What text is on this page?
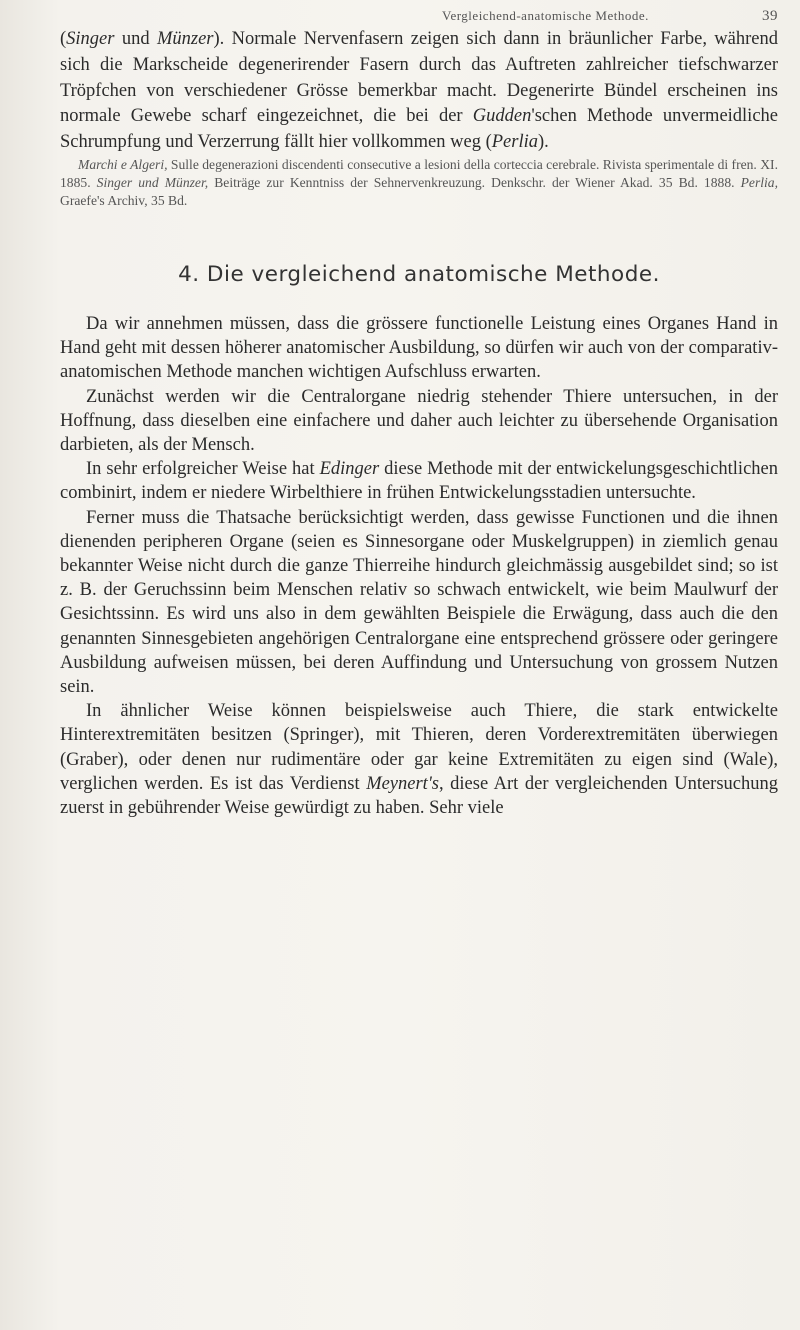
Vergleichend-anatomische Methode.	39
(Singer und Münzer). Normale Nervenfasern zeigen sich dann in bräunlicher Farbe, während sich die Markscheide degenerirender Fasern durch das Auftreten zahlreicher tiefschwarzer Tröpfchen von verschiedener Grösse bemerkbar macht. Degenerirte Bündel erscheinen ins normale Gewebe scharf eingezeichnet, die bei der Gudden'schen Methode unvermeidliche Schrumpfung und Verzerrung fällt hier vollkommen weg (Perlia).
Marchi e Algeri, Sulle degenerazioni discendenti consecutive a lesioni della corteccia cerebrale. Rivista sperimentale di fren. XI. 1885. Singer und Münzer, Beiträge zur Kenntniss der Sehnervenkreuzung. Denkschr. der Wiener Akad. 35 Bd. 1888. Perlia, Graefe's Archiv, 35 Bd.
4. Die vergleichend anatomische Methode.

Da wir annehmen müssen, dass die grössere functionelle Leistung eines Organes Hand in Hand geht mit dessen höherer anatomischer Ausbildung, so dürfen wir auch von der comparativ-anatomischen Methode manchen wichtigen Aufschluss erwarten.

Zunächst werden wir die Centralorgane niedrig stehender Thiere untersuchen, in der Hoffnung, dass dieselben eine einfachere und daher auch leichter zu übersehende Organisation darbieten, als der Mensch.

In sehr erfolgreicher Weise hat Edinger diese Methode mit der entwickelungsgeschichtlichen combinirt, indem er niedere Wirbelthiere in frühen Entwickelungsstadien untersuchte.

Ferner muss die Thatsache berücksichtigt werden, dass gewisse Functionen und die ihnen dienenden peripheren Organe (seien es Sinnesorgane oder Muskelgruppen) in ziemlich genau bekannter Weise nicht durch die ganze Thierreihe hindurch gleichmässig ausgebildet sind; so ist z. B. der Geruchssinn beim Menschen relativ so schwach entwickelt, wie beim Maulwurf der Gesichtssinn. Es wird uns also in dem gewählten Beispiele die Erwägung, dass auch die den genannten Sinnesgebieten angehörigen Centralorgane eine entsprechend grössere oder geringere Ausbildung aufweisen müssen, bei deren Auffindung und Untersuchung von grossem Nutzen sein.

In ähnlicher Weise können beispielsweise auch Thiere, die stark entwickelte Hinterextremitäten besitzen (Springer), mit Thieren, deren Vorderextremitäten überwiegen (Graber), oder denen nur rudimentäre oder gar keine Extremitäten zu eigen sind (Wale), verglichen werden. Es ist das Verdienst Meynert's, diese Art der vergleichenden Untersuchung zuerst in gebührender Weise gewürdigt zu haben. Sehr viele
